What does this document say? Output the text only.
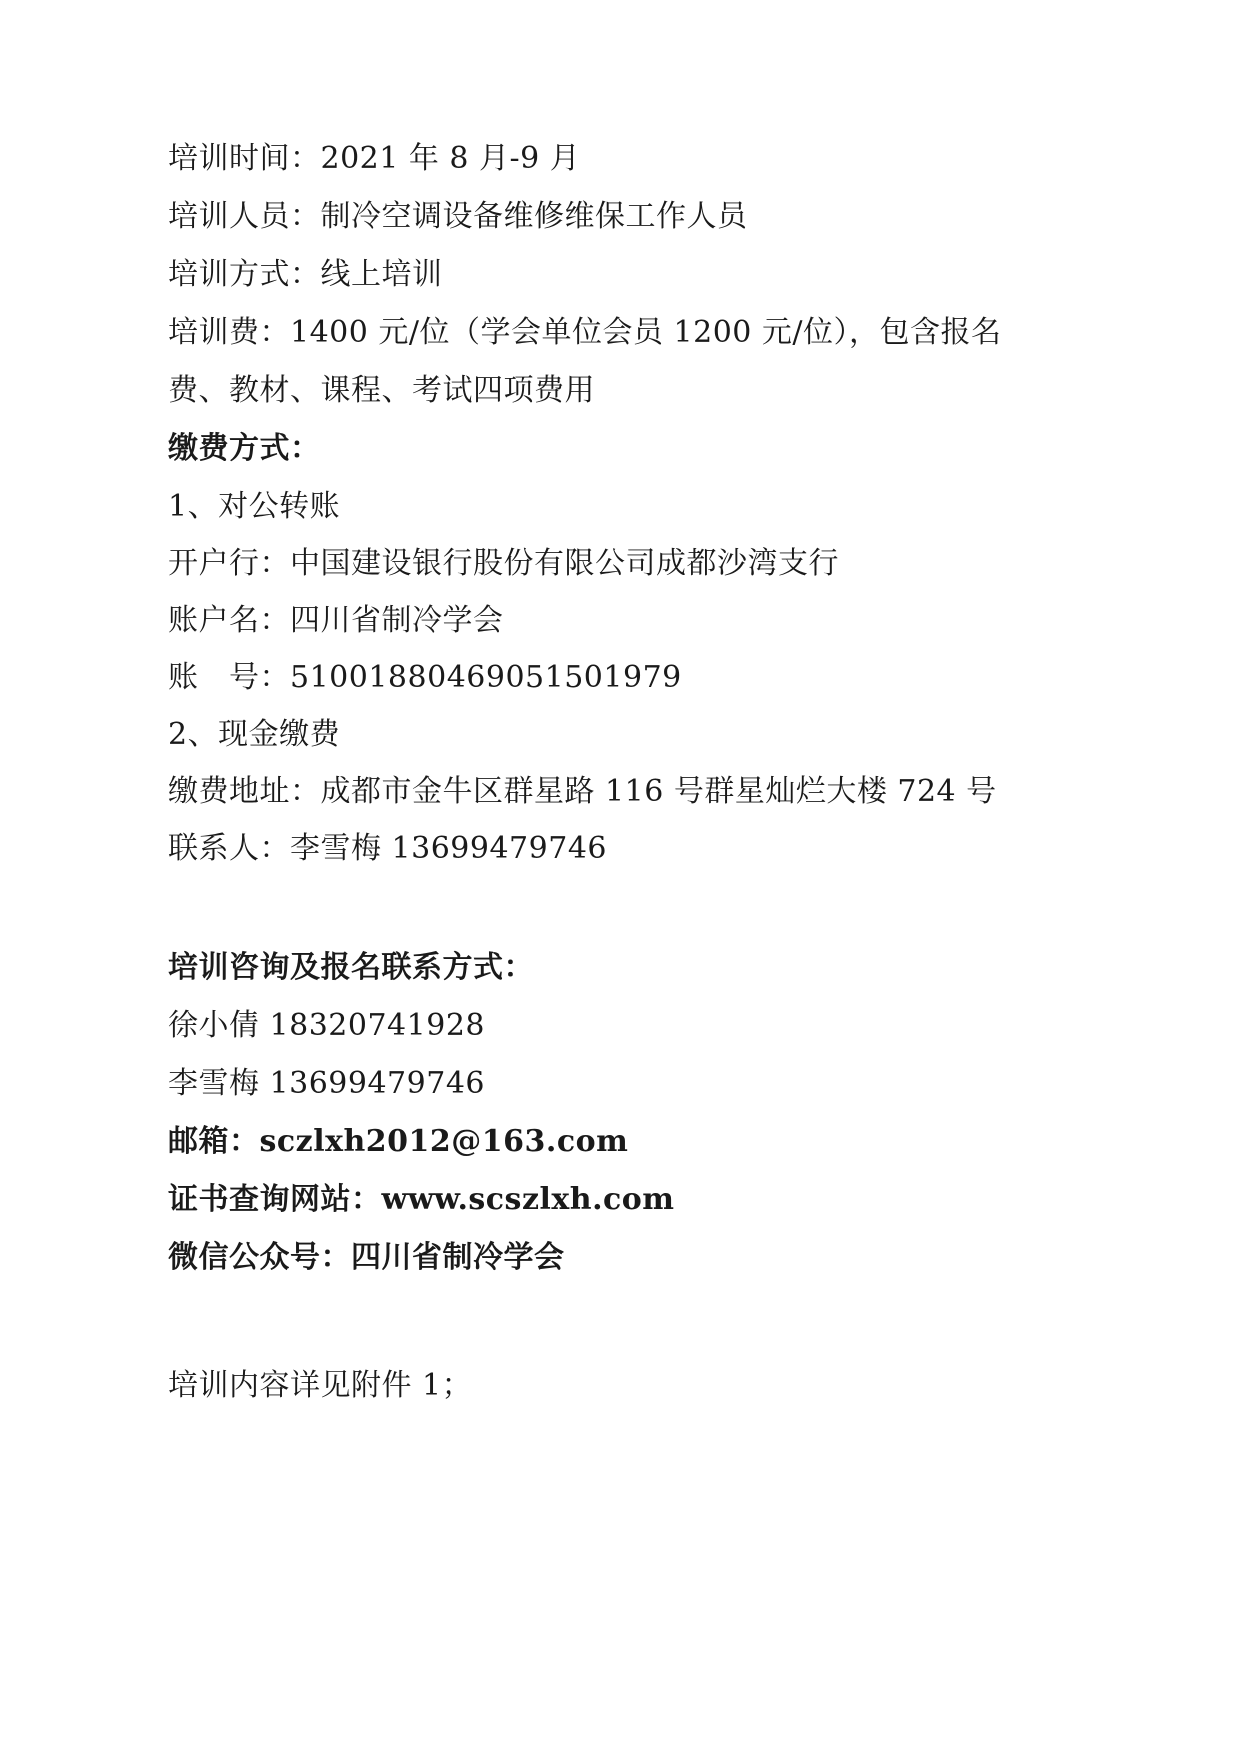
培训时间：2021 年 8 月-9 月

培训人员：制冷空调设备维修维保工作人员

培训方式：线上培训

培训费：1400 元/位（学会单位会员 1200 元/位），包含报名

费、教材、课程、考试四项费用

缴费方式：

1、对公转账

开户行：中国建设银行股份有限公司成都沙湾支行

账户名：四川省制冷学会

账　号：51001880469051501979

2、现金缴费

缴费地址：成都市金牛区群星路 116 号群星灿烂大楼 724 号

联系人：李雪梅 13699479746

培训咨询及报名联系方式：

徐小倩 18320741928

李雪梅 13699479746

邮箱：sczlxh2012@163.com

证书查询网站：www.scszlxh.com

微信公众号：四川省制冷学会

培训内容详见附件 1；
